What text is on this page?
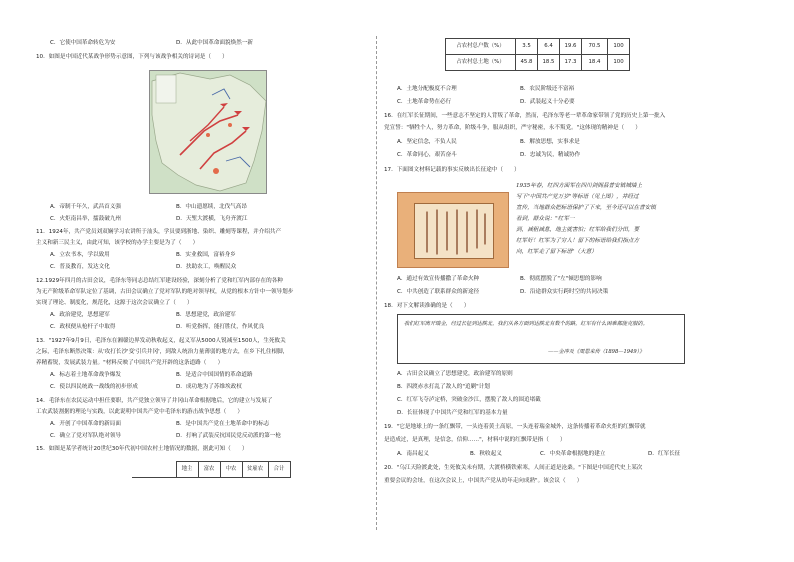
C．它使中国革命转危为安	D．从此中国革命面貌焕然一新
10．如图是中国近代某战争形势示意图，下列与该战争相关的诗词是（　　）
A．帝制千年久，武昌首义强	B．中山遗愿续，北伐气高昂
C．火炬南昌举，擂鼓破九州	D．天堑大渡横，飞舟齐渡江
11．1924年，共产党员刘双娴学习农讲所于汕头，学员要到浙地、染织、雕刻等课程，并介绍共产
主义和新三民主义，由此可知，该学校的办学主要是为了（　　）
A．立农书本，学以致用	B．实业救国，富裕身乡
C．普及教育，发达文化	D．扶助农工，唤醒民众
12.1929年四月的古田会议，毛泽东等同志总结红军建设经验，深刻分析了党和红军内部存在的各种
为无产阶级革命军队定位了基调，古田会议确立了党对军队的绝对领导权，从党的根本方针中一领导划步
实现了理论、制度化，规范化，这源于这次会议确立了（　　）
A．政治建党，思想建军	B．思想建党，政治建军
C．政权便从枪杆子中取得	D．听党指挥，能打胜仗，作风优良
13．"1927年9月9日，毛泽东在湘赣边界发动秋收起义，起义军从5000人锐减至1500人，生死攸关
之际，毛泽东断然决策：从'攻打长沙'变'引兵井冈'，到敌人统治力量薄弱的地方去，在乡下扎住根脚，
养精蓄锐，发展武装力量。"材料反映了中国共产党开辟的这条道路（　　）
A．标志着土地革命战争爆发	B．是适合中国国情的革命道路
C．使以四民统战一战线的初步形成	D．成功地为了苏维埃政权
14．毛泽东在农民运动中担任要职，共产党独立领导了井冈山革命根据地后，它的建立与发展了
工农武装割据的理论与实践，以此说明中国共产党中毛泽东的游击战争思想（　　）
A．开创了中国革命的新局面	B．是中国共产党在土地革命中的标志
C．确立了党对军队绝对领导	D．打响了武装反抗国民党反动派的第一枪
15．如图是某学者统计20世纪30年代初中国农村土地情况的数据，据此可知（　　）
	地主	富农	中农	贫雇农	合计
占农村总户数（%）	3.5	6.4	19.6	70.5	100
占农村总土地（%）	45.8	18.5	17.3	18.4	100
A．土地分配极度不合理	B．农民阶级还不富裕
C．土地革命势在必行	D．武装起义十分必要
16．在红军长征期间，一些意志不坚定的人背叛了革命，然而，毛泽东等老一辈革命家带领了党的历史上第一批入
党宣誓："牺牲个人，努力革命，阶级斗争，服从组织，严守秘密，永不叛党。"这体现的精神是（　　）
A．坚定信念，不负人民	B．解放思想，实事求是
C．革命同心，艰苦奋斗	D．忠诚为民，精诚协作
17．下面图文材料记载的事实反映出长征途中（　　）
1935年春，红四方面军在四川剑阁县普安镇城墙上
写下"中国共产党万岁"等标语（见上图），并经过
宣传，当地群众把标语保护了下来，至今还可以在普安镇
看到，群众说："红军一
到，减租减息，地主就害怕；红军给我们分田，要
红军好！红军为了穷人！留下的标语给我们指点方
向，红军走了留下标语"（大意）
A．通过有效宣传播撒了革命火种	B．彻底摆脱了"左"倾思想的影响
C．中共创造了联系群众的新途径	D．沿途群众实行跨时空的共同决策
18．对下文解读准确的是（　　）
我们红军离开瑞金，经过长征到达陕北，我们从各方面到达陕北有数个的路，红军有什么困难都能克服的。
——金冲及《周恩来传（1898—1949）》
A．古田会议确立了思想建党，政治建军的原则
B．四渡赤水打乱了敌人的"追剿"计划
C．红军飞夺泸定桥，突破金沙江，摆脱了敌人的围追堵截
D．长征体现了中国共产党和红军的基本力量
19．"它是地球上的一条红飘带，一头连着黄土高原，一头连着瑞金城外，这条传播着革命火炬的红飘带就
是造成过，是真理，是信念，信仰……"，材料中说的红飘带是指（　　）
A．南昌起义	B．秋收起义	C．中央革命根据地的建立	D．红军长征
20．"乌江天险渡此处，生死攸关未有期，大渡桥横铁索寒，人间正道是沧桑。"下图是中国近代史上某次
重要会议的会址，在这次会议上，中国共产党从幼年走向成熟"。该会议（　　）
